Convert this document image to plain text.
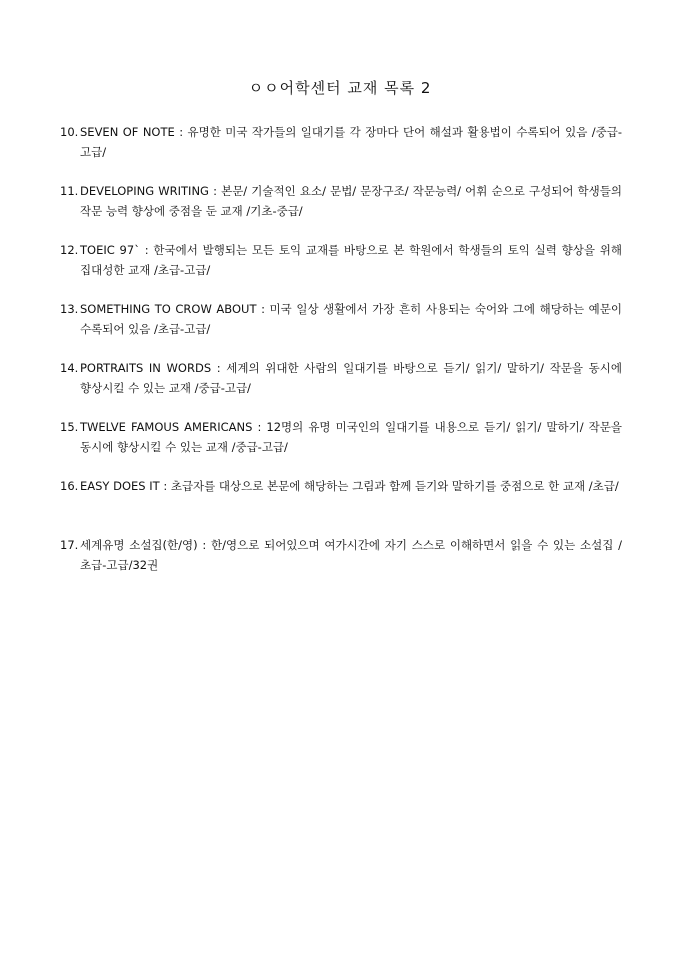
ㅇㅇ어학센터 교재 목록 2
10. SEVEN OF NOTE : 유명한 미국 작가들의 일대기를 각 장마다 단어 해설과 활용법이 수록되어 있음 /중급-고급/
11. DEVELOPING WRITING : 본문/ 기술적인 요소/ 문법/ 문장구조/ 작문능력/ 어휘 순으로 구성되어 학생들의 작문 능력 향상에 중점을 둔 교재 /기초-중급/
12. TOEIC 97` : 한국에서 발행되는 모든 토익 교재를 바탕으로 본 학원에서 학생들의 토익 실력 향상을 위해 집대성한 교재 /초급-고급/
13. SOMETHING TO CROW ABOUT : 미국 일상 생활에서 가장 흔히 사용되는 숙어와 그에 해당하는 예문이 수록되어 있음 /초급-고급/
14. PORTRAITS IN WORDS : 세계의 위대한 사람의 일대기를 바탕으로 듣기/ 읽기/ 말하기/ 작문을 동시에 향상시킬 수 있는 교재 /중급-고급/
15. TWELVE FAMOUS AMERICANS : 12명의 유명 미국인의 일대기를 내용으로 듣기/ 읽기/ 말하기/ 작문을 동시에 향상시킬 수 있는 교재 /중급-고급/
16. EASY DOES IT : 초급자를 대상으로 본문에 해당하는 그림과 함께 듣기와 말하기를 중점으로 한 교재 /초급/
17. 세계유명 소설집(한/영) : 한/영으로 되어있으며 여가시간에 자기 스스로 이해하면서 읽을 수 있는 소설집 /초급-고급/32권
